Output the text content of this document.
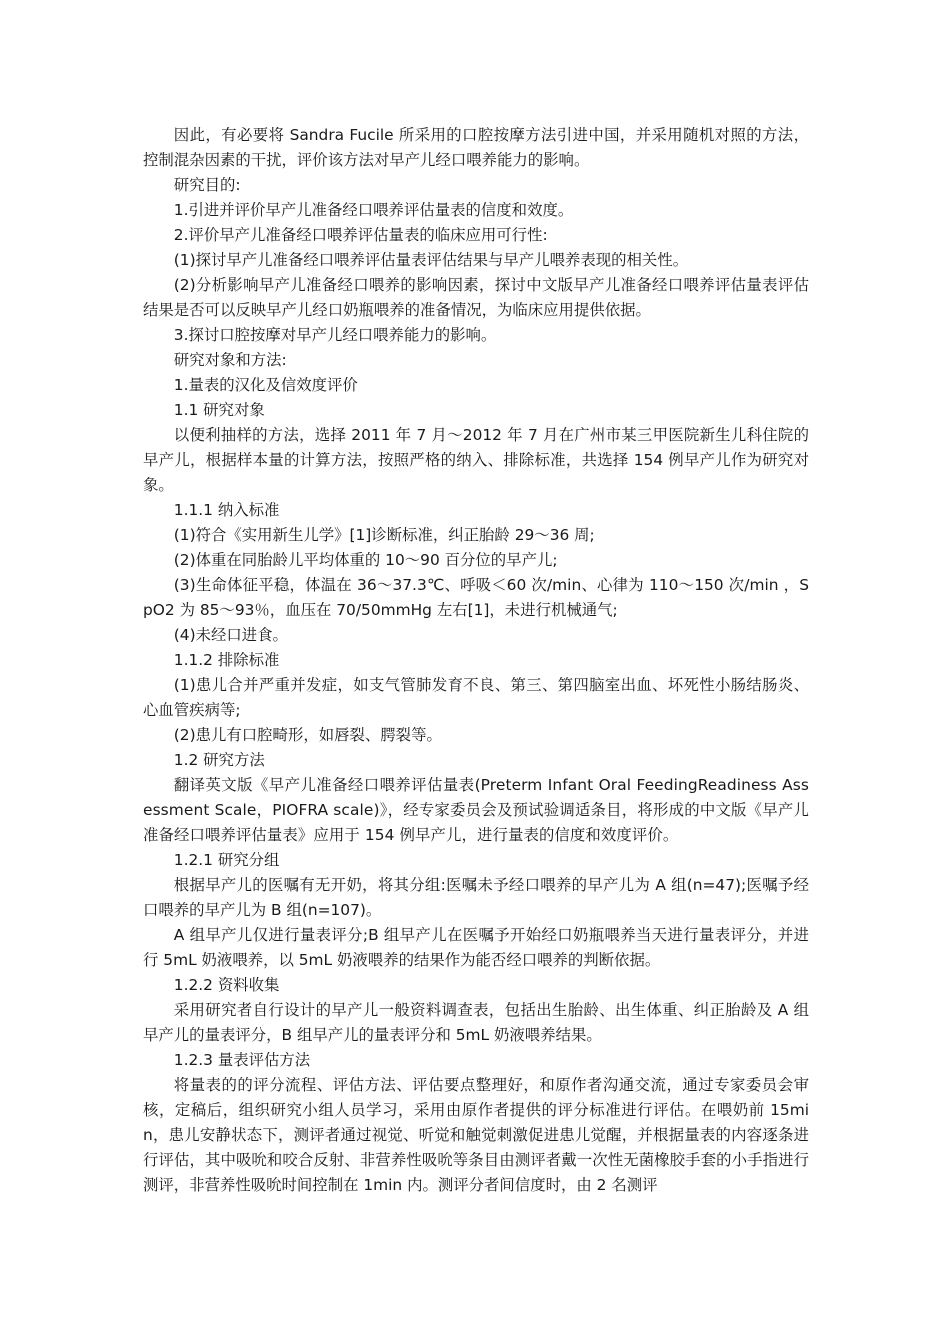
因此，有必要将 Sandra Fucile 所采用的口腔按摩方法引进中国，并采用随机对照的方法，控制混杂因素的干扰，评价该方法对早产儿经口喂养能力的影响。

研究目的:

1.引进并评价早产儿准备经口喂养评估量表的信度和效度。

2.评价早产儿准备经口喂养评估量表的临床应用可行性:

(1)探讨早产儿准备经口喂养评估量表评估结果与早产儿喂养表现的相关性。

(2)分析影响早产儿准备经口喂养的影响因素，探讨中文版早产儿准备经口喂养评估量表评估结果是否可以反映早产儿经口奶瓶喂养的准备情况，为临床应用提供依据。

3.探讨口腔按摩对早产儿经口喂养能力的影响。

研究对象和方法:

1.量表的汉化及信效度评价

1.1 研究对象

以便利抽样的方法，选择 2011 年 7 月～2012 年 7 月在广州市某三甲医院新生儿科住院的早产儿，根据样本量的计算方法，按照严格的纳入、排除标准，共选择 154 例早产儿作为研究对象。

1.1.1 纳入标准

(1)符合《实用新生儿学》[1]诊断标准，纠正胎龄 29～36 周;

(2)体重在同胎龄儿平均体重的 10～90 百分位的早产儿;

(3)生命体征平稳，体温在 36～37.3℃、呼吸＜60 次/min、心律为 110～150 次/min ，SpO2 为 85～93％，血压在 70/50mmHg 左右[1]，未进行机械通气;

(4)未经口进食。

1.1.2 排除标准

(1)患儿合并严重并发症，如支气管肺发育不良、第三、第四脑室出血、坏死性小肠结肠炎、心血管疾病等;

(2)患儿有口腔畸形，如唇裂、腭裂等。

1.2 研究方法

翻译英文版《早产儿准备经口喂养评估量表(Preterm Infant Oral FeedingReadiness Assessment Scale，PIOFRA scale)》，经专家委员会及预试验调适条目，将形成的中文版《早产儿准备经口喂养评估量表》应用于 154 例早产儿，进行量表的信度和效度评价。

1.2.1 研究分组

根据早产儿的医嘱有无开奶，将其分组:医嘱未予经口喂养的早产儿为 A 组(n=47);医嘱予经口喂养的早产儿为 B 组(n=107)。

A 组早产儿仅进行量表评分;B 组早产儿在医嘱予开始经口奶瓶喂养当天进行量表评分，并进行 5mL 奶液喂养，以 5mL 奶液喂养的结果作为能否经口喂养的判断依据。

1.2.2 资料收集

采用研究者自行设计的早产儿一般资料调查表，包括出生胎龄、出生体重、纠正胎龄及 A 组早产儿的量表评分，B 组早产儿的量表评分和 5mL 奶液喂养结果。

1.2.3 量表评估方法

将量表的的评分流程、评估方法、评估要点整理好，和原作者沟通交流，通过专家委员会审核，定稿后，组织研究小组人员学习，采用由原作者提供的评分标准进行评估。在喂奶前 15min，患儿安静状态下，测评者通过视觉、听觉和触觉刺激促进患儿觉醒，并根据量表的内容逐条进行评估，其中吸吮和咬合反射、非营养性吸吮等条目由测评者戴一次性无菌橡胶手套的小手指进行测评，非营养性吸吮时间控制在 1min 内。测评分者间信度时，由 2 名测评
